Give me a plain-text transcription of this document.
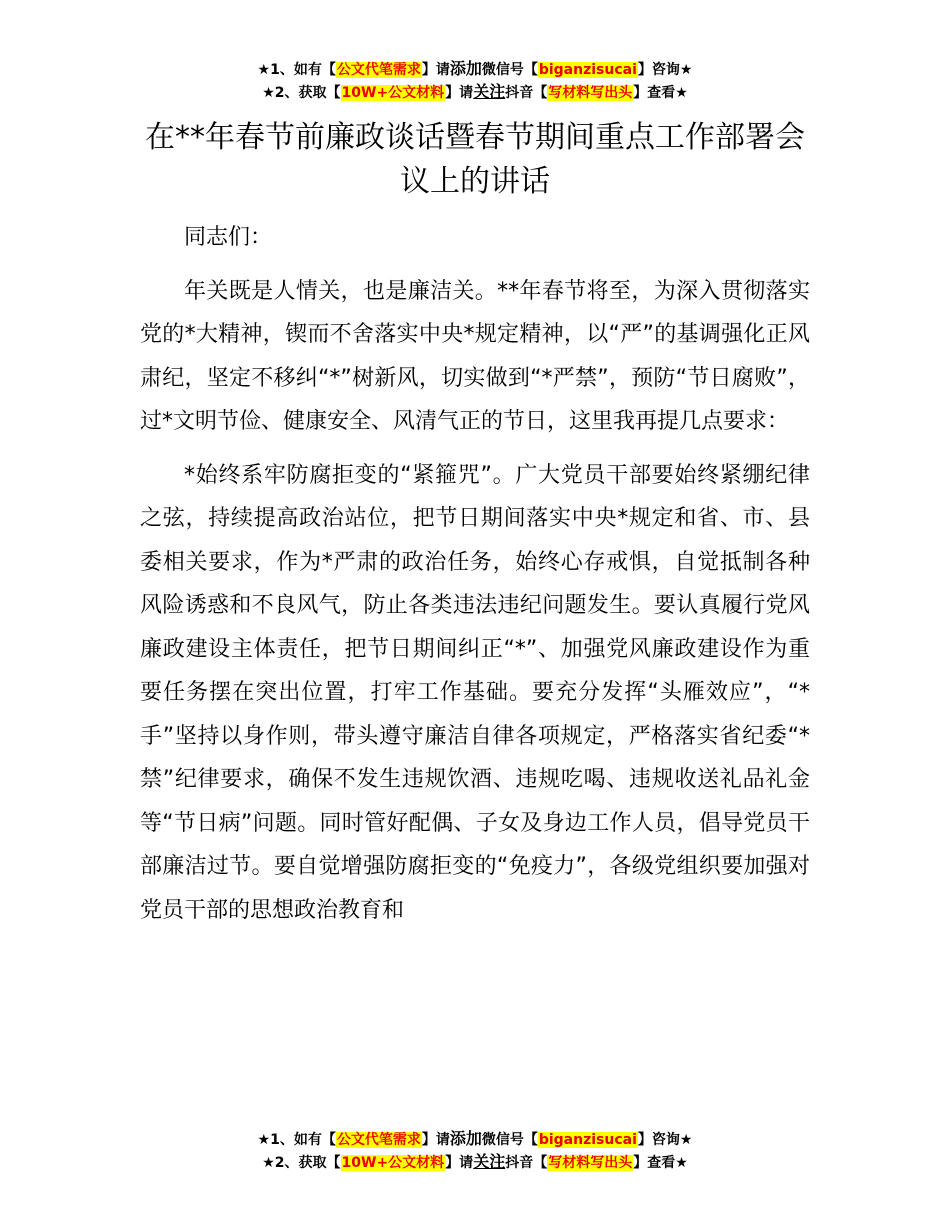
★1、如有【公文代笔需求】请添加微信号【biganzisucai】咨询★
★2、获取【10W+公文材料】请关注抖音【写材料写出头】查看★
在**年春节前廉政谈话暨春节期间重点工作部署会议上的讲话

同志们：

年关既是人情关，也是廉洁关。**年春节将至，为深入贯彻落实党的*大精神，锲而不舍落实中央*规定精神，以“严”的基调强化正风肃纪，坚定不移纠“*”树新风，切实做到“*严禁”，预防“节日腐败”，过*文明节俭、健康安全、风清气正的节日，这里我再提几点要求：

*始终系牢防腐拒变的“紧箍咒”。广大党员干部要始终紧绷纪律之弦，持续提高政治站位，把节日期间落实中央*规定和省、市、县委相关要求，作为*严肃的政治任务，始终心存戒惧，自觉抵制各种风险诱惑和不良风气，防止各类违法违纪问题发生。要认真履行党风廉政建设主体责任，把节日期间纠正“*”、加强党风廉政建设作为重要任务摆在突出位置，打牢工作基础。要充分发挥“头雁效应”，“*手”坚持以身作则，带头遵守廉洁自律各项规定，严格落实省纪委“*禁”纪律要求，确保不发生违规饮酒、违规吃喝、违规收送礼品礼金等“节日病”问题。同时管好配偶、子女及身边工作人员，倡导党员干部廉洁过节。要自觉增强防腐拒变的“免疫力”，各级党组织要加强对党员干部的思想政治教育和

★1、如有【公文代笔需求】请添加微信号【biganzisucai】咨询★
★2、获取【10W+公文材料】请关注抖音【写材料写出头】查看★
